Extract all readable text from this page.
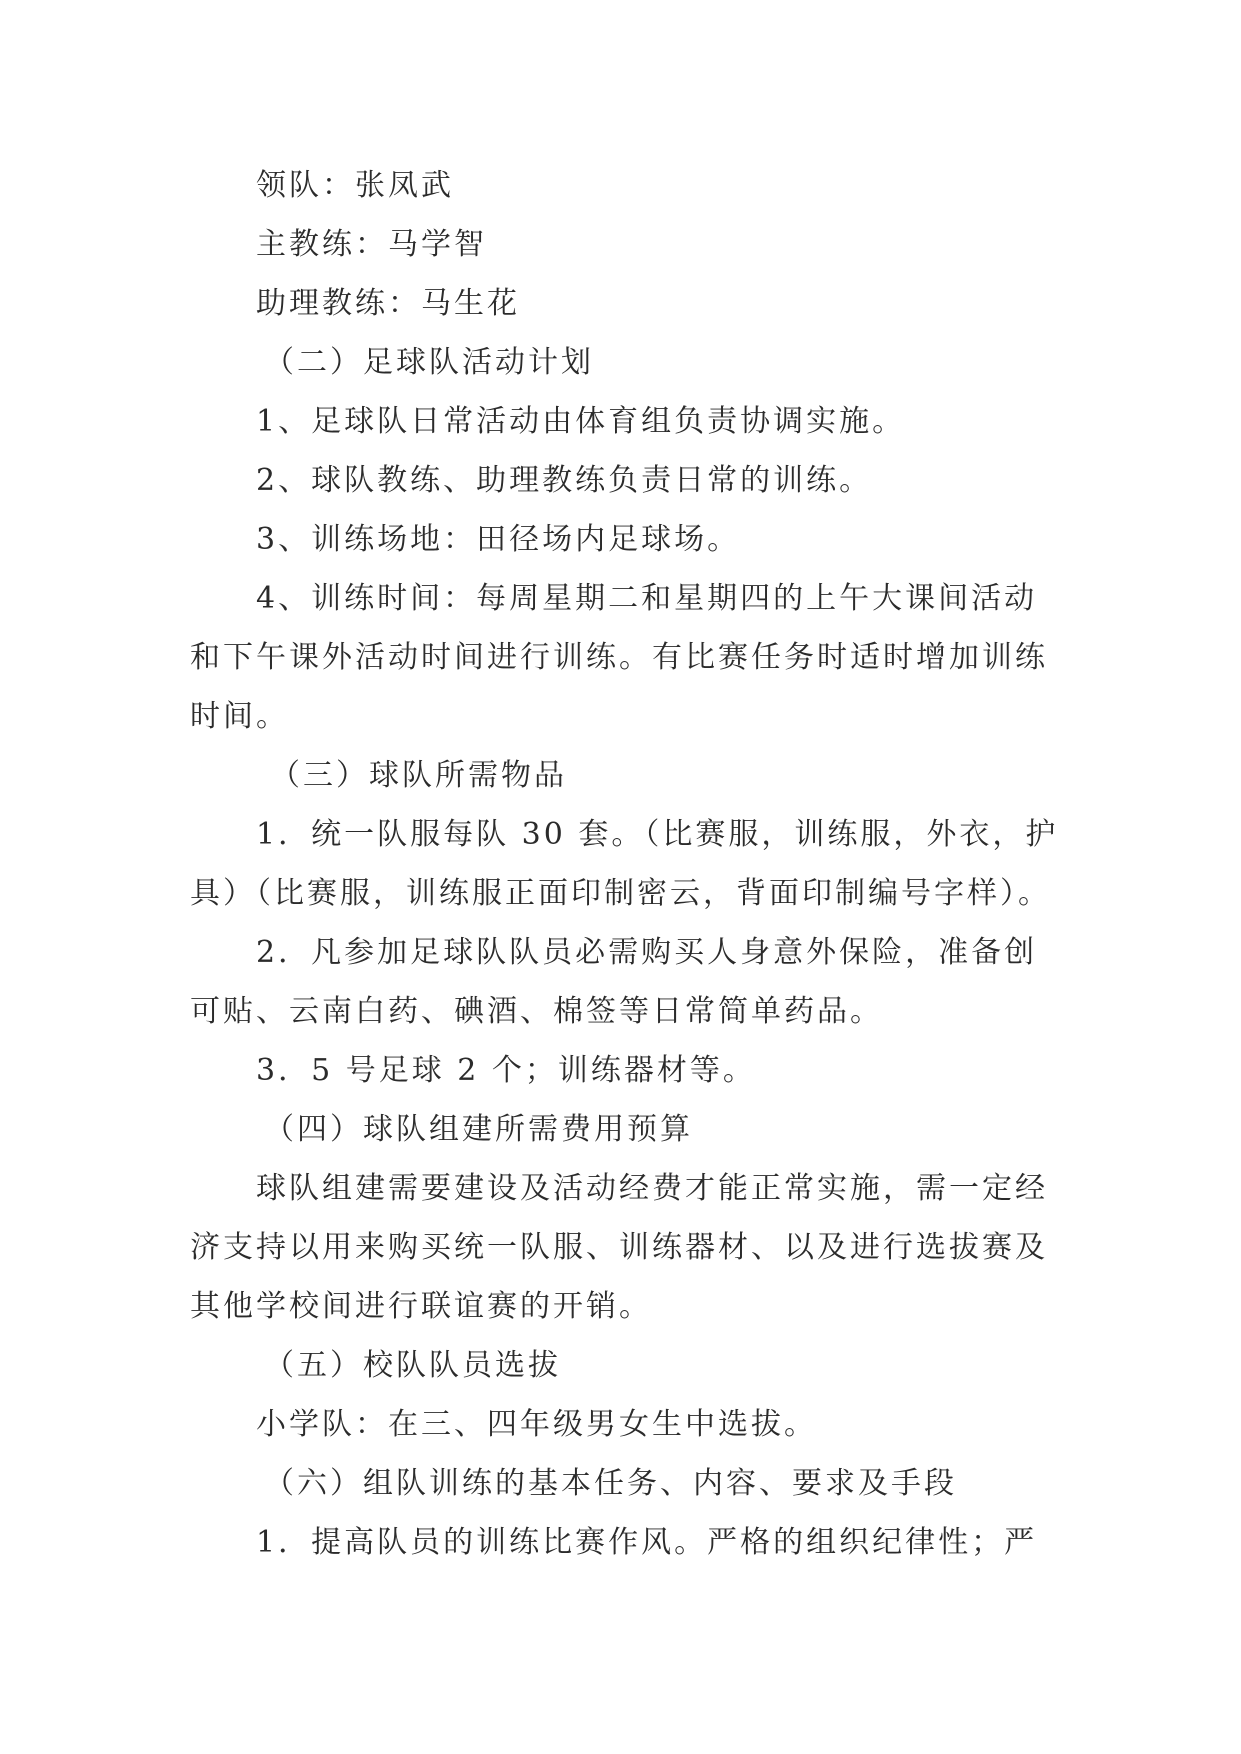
领队：张凤武
主教练：马学智
助理教练：马生花
（二）足球队活动计划
1、足球队日常活动由体育组负责协调实施。
2、球队教练、助理教练负责日常的训练。
3、训练场地：田径场内足球场。
4、训练时间：每周星期二和星期四的上午大课间活动
和下午课外活动时间进行训练。有比赛任务时适时增加训练
时间。
（三）球队所需物品
1．统一队服每队 30 套。（比赛服，训练服，外衣，护
具）（比赛服，训练服正面印制密云，背面印制编号字样）。
2．凡参加足球队队员必需购买人身意外保险，准备创
可贴、云南白药、碘酒、棉签等日常简单药品。
3．5 号足球 2 个；训练器材等。
（四）球队组建所需费用预算
球队组建需要建设及活动经费才能正常实施，需一定经
济支持以用来购买统一队服、训练器材、以及进行选拔赛及
其他学校间进行联谊赛的开销。
（五）校队队员选拔
小学队：在三、四年级男女生中选拔。
（六）组队训练的基本任务、内容、要求及手段
1．提高队员的训练比赛作风。严格的组织纪律性；严
